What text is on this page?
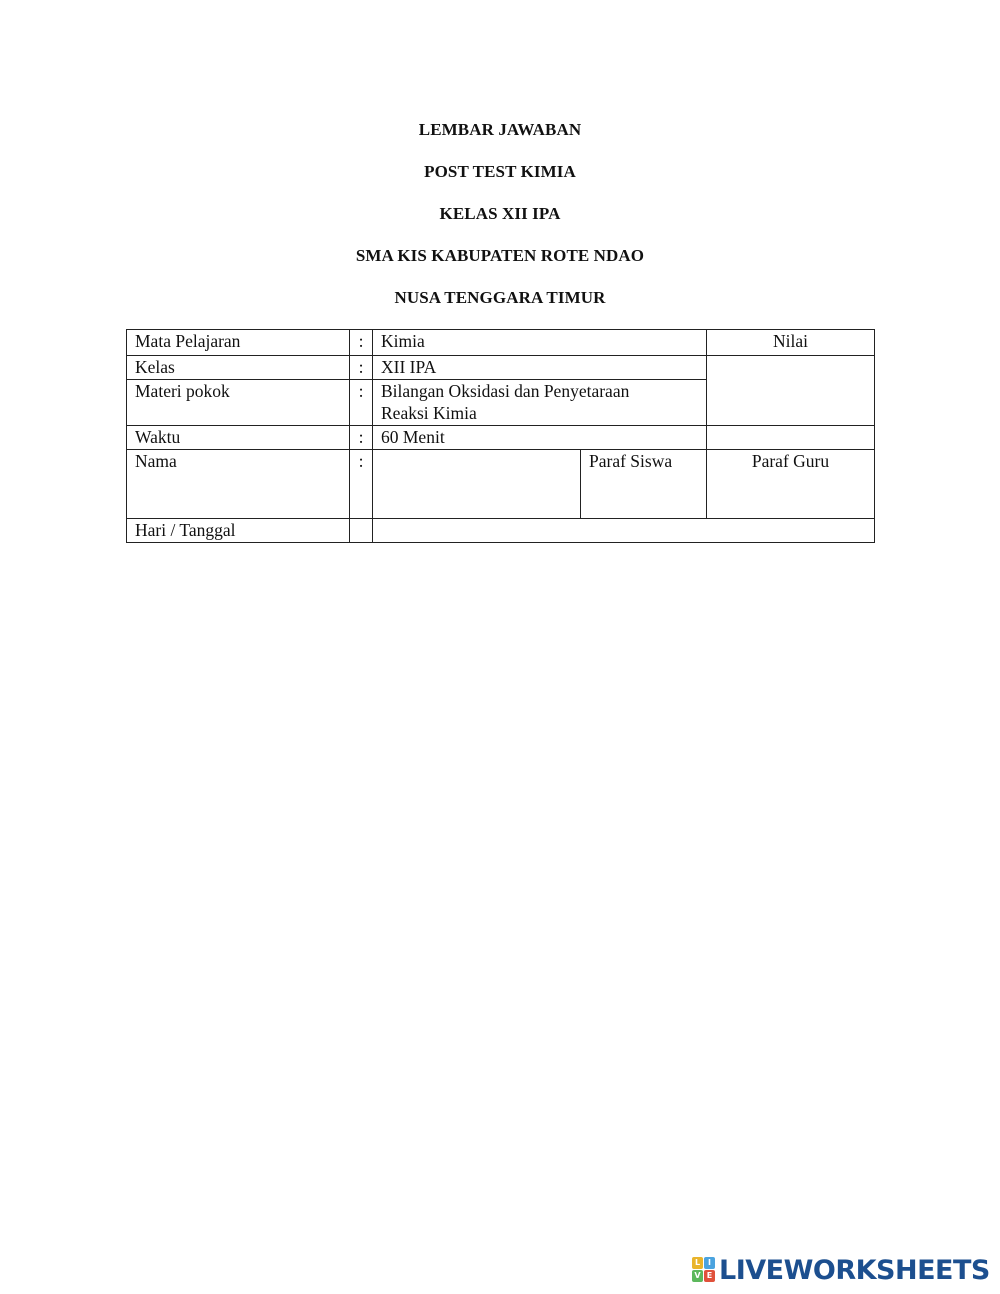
LEMBAR JAWABAN
POST TEST KIMIA
KELAS XII IPA
SMA KIS KABUPATEN ROTE NDAO
NUSA TENGGARA TIMUR
Mata Pelajaran	:	Kimia		Nilai
Kelas	:	XII IPA		
Materi pokok	:	Bilangan Oksidasi dan Penyetaraan
Reaksi Kimia		
Waktu	:	60 Menit		
Nama	:		Paraf Siswa	Paraf Guru
Hari / Tanggal				
L I
V E LIVEWORKSHEETS
